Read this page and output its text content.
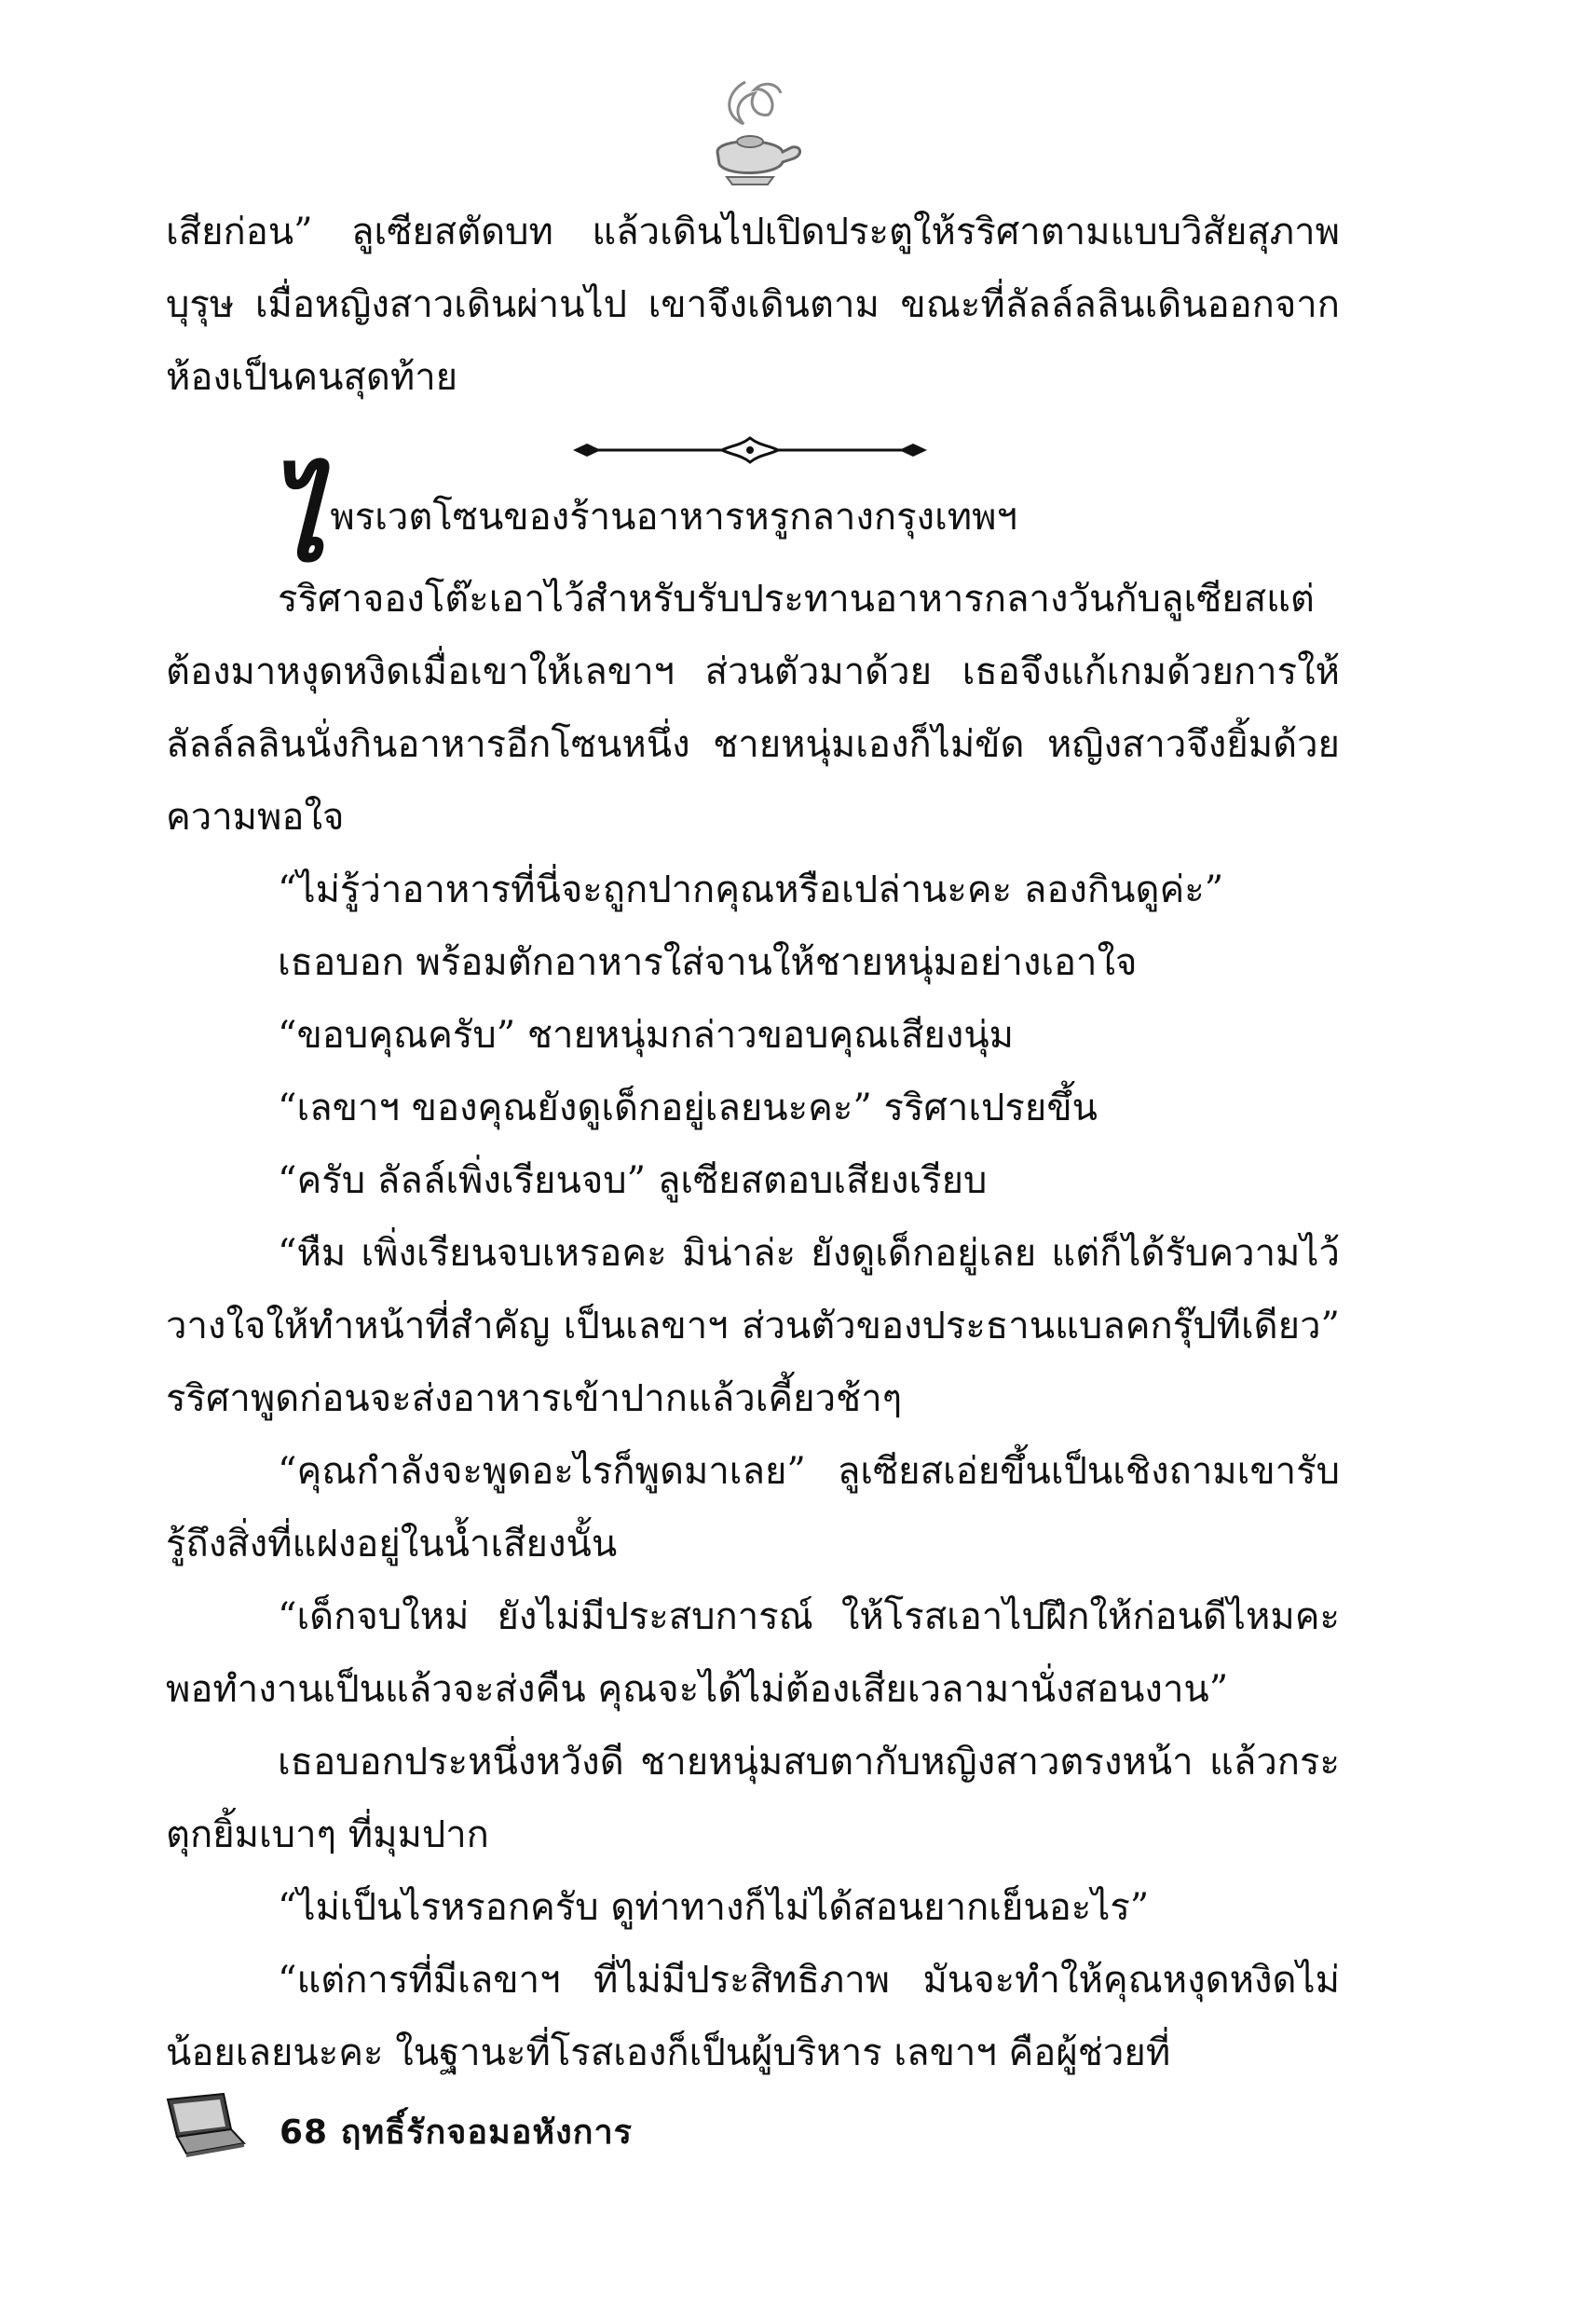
เสียก่อน” ลูเซียสตัดบท แล้วเดินไปเปิดประตูให้รริศาตามแบบวิสัยสุภาพบุรุษ เมื่อหญิงสาวเดินผ่านไป เขาจึงเดินตาม ขณะที่ลัลล์ลลินเดินออกจากห้องเป็นคนสุดท้าย

ไพรเวตโซนของร้านอาหารหรูกลางกรุงเทพฯ

รริศาจองโต๊ะเอาไว้สำหรับรับประทานอาหารกลางวันกับลูเซียสแต่ต้องมาหงุดหงิดเมื่อเขาให้เลขาฯ ส่วนตัวมาด้วย เธอจึงแก้เกมด้วยการให้ลัลล์ลลินนั่งกินอาหารอีกโซนหนึ่ง ชายหนุ่มเองก็ไม่ขัด หญิงสาวจึงยิ้มด้วยความพอใจ

“ไม่รู้ว่าอาหารที่นี่จะถูกปากคุณหรือเปล่านะคะ ลองกินดูค่ะ”

เธอบอก พร้อมตักอาหารใส่จานให้ชายหนุ่มอย่างเอาใจ

“ขอบคุณครับ” ชายหนุ่มกล่าวขอบคุณเสียงนุ่ม

“เลขาฯ ของคุณยังดูเด็กอยู่เลยนะคะ” รริศาเปรยขึ้น

“ครับ ลัลล์เพิ่งเรียนจบ” ลูเซียสตอบเสียงเรียบ

“หืม เพิ่งเรียนจบเหรอคะ มิน่าล่ะ ยังดูเด็กอยู่เลย แต่ก็ได้รับความไว้วางใจให้ทำหน้าที่สำคัญ เป็นเลขาฯ ส่วนตัวของประธานแบลคกรุ๊ปทีเดียว” รริศาพูดก่อนจะส่งอาหารเข้าปากแล้วเคี้ยวช้าๆ

“คุณกำลังจะพูดอะไรก็พูดมาเลย” ลูเซียสเอ่ยขึ้นเป็นเชิงถามเขารับรู้ถึงสิ่งที่แฝงอยู่ในน้ำเสียงนั้น

“เด็กจบใหม่ ยังไม่มีประสบการณ์ ให้โรสเอาไปฝึกให้ก่อนดีไหมคะ พอทำงานเป็นแล้วจะส่งคืน คุณจะได้ไม่ต้องเสียเวลามานั่งสอนงาน”

เธอบอกประหนึ่งหวังดี ชายหนุ่มสบตากับหญิงสาวตรงหน้า แล้วกระตุกยิ้มเบาๆ ที่มุมปาก

“ไม่เป็นไรหรอกครับ ดูท่าทางก็ไม่ได้สอนยากเย็นอะไร”

“แต่การที่มีเลขาฯ ที่ไม่มีประสิทธิภาพ มันจะทำให้คุณหงุดหงิดไม่น้อยเลยนะคะ ในฐานะที่โรสเองก็เป็นผู้บริหาร เลขาฯ คือผู้ช่วยที่

68 ฤทธิ์รักจอมอหังการ
